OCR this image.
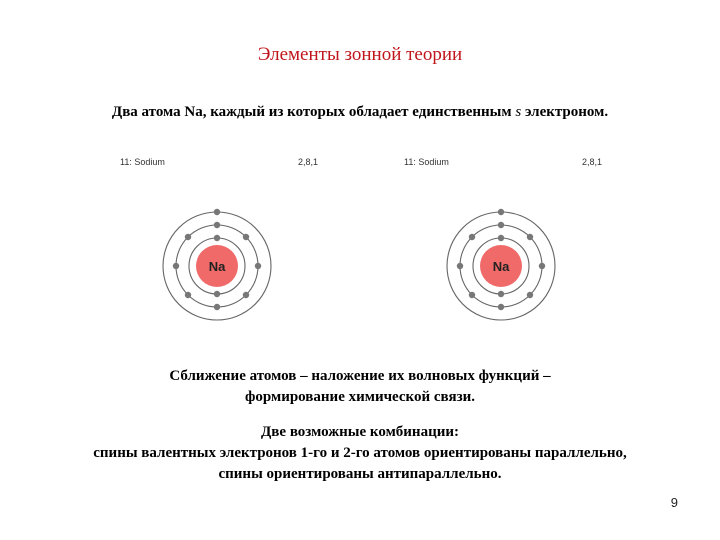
Элементы зонной теории
Два атома Na, каждый из которых обладает единственным s электроном.
11: Sodium	2,8,1
Na
11: Sodium	2,8,1
Na
Сближение атомов – наложение их волновых функций –
формирование химической связи.
Две возможные комбинации:
спины валентных электронов 1-го и 2-го атомов ориентированы параллельно,
спины ориентированы антипараллельно.
9
